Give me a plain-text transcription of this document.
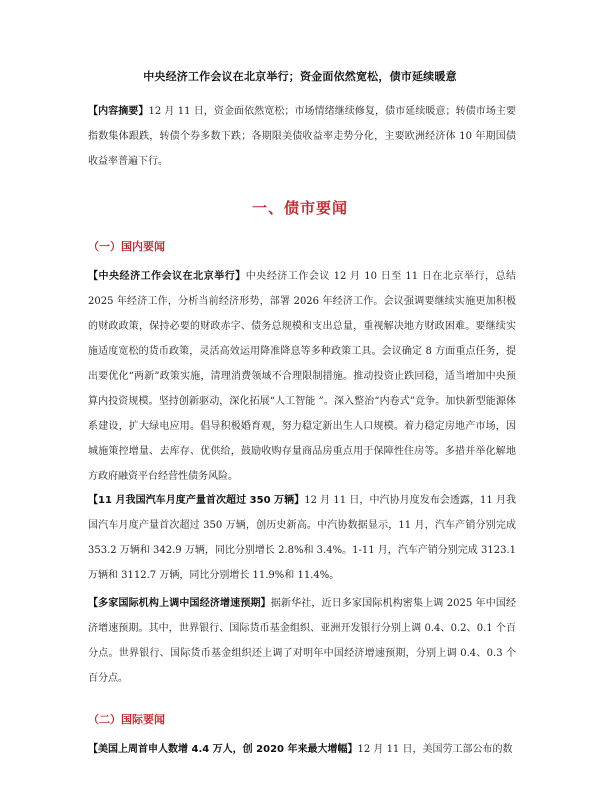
中央经济工作会议在北京举行；资金面依然宽松，债市延续暖意

【内容摘要】12 月 11 日，资金面依然宽松；市场情绪继续修复，债市延续暖意；转债市场主要指数集体跟跌，转债个券多数下跌；各期限美债收益率走势分化，主要欧洲经济体 10 年期国债收益率普遍下行。

一、债市要闻
（一）国内要闻

【中央经济工作会议在北京举行】中央经济工作会议 12 月 10 日至 11 日在北京举行，总结 2025 年经济工作，分析当前经济形势，部署 2026 年经济工作。会议强调要继续实施更加积极的财政政策，保持必要的财政赤字、债务总规模和支出总量，重视解决地方财政困难。要继续实施适度宽松的货币政策，灵活高效运用降准降息等多种政策工具。会议确定 8 方面重点任务，提出要优化“两新”政策实施，清理消费领域不合理限制措施。推动投资止跌回稳，适当增加中央预算内投资规模。坚持创新驱动，深化拓展“人工智能 ”。深入整治“内卷式”竞争。加快新型能源体系建设，扩大绿电应用。倡导积极婚育观，努力稳定新出生人口规模。着力稳定房地产市场，因城施策控增量、去库存、优供给，鼓励收购存量商品房重点用于保障性住房等。多措并举化解地方政府融资平台经营性债务风险。

【11 月我国汽车月度产量首次超过 350 万辆】12 月 11 日，中汽协月度发布会透露，11 月我国汽车月度产量首次超过 350 万辆，创历史新高。中汽协数据显示，11 月，汽车产销分别完成 353.2 万辆和 342.9 万辆，同比分别增长 2.8%和 3.4%。1-11 月，汽车产销分别完成 3123.1 万辆和 3112.7 万辆，同比分别增长 11.9%和 11.4%。

【多家国际机构上调中国经济增速预期】据新华社，近日多家国际机构密集上调 2025 年中国经济增速预期。其中，世界银行、国际货币基金组织、亚洲开发银行分别上调 0.4、0.2、0.1 个百分点。世界银行、国际货币基金组织还上调了对明年中国经济增速预期，分别上调 0.4、0.3 个百分点。

（二）国际要闻

【美国上周首申人数增 4.4 万人，创 2020 年来最大增幅】12 月 11 日，美国劳工部公布的数
